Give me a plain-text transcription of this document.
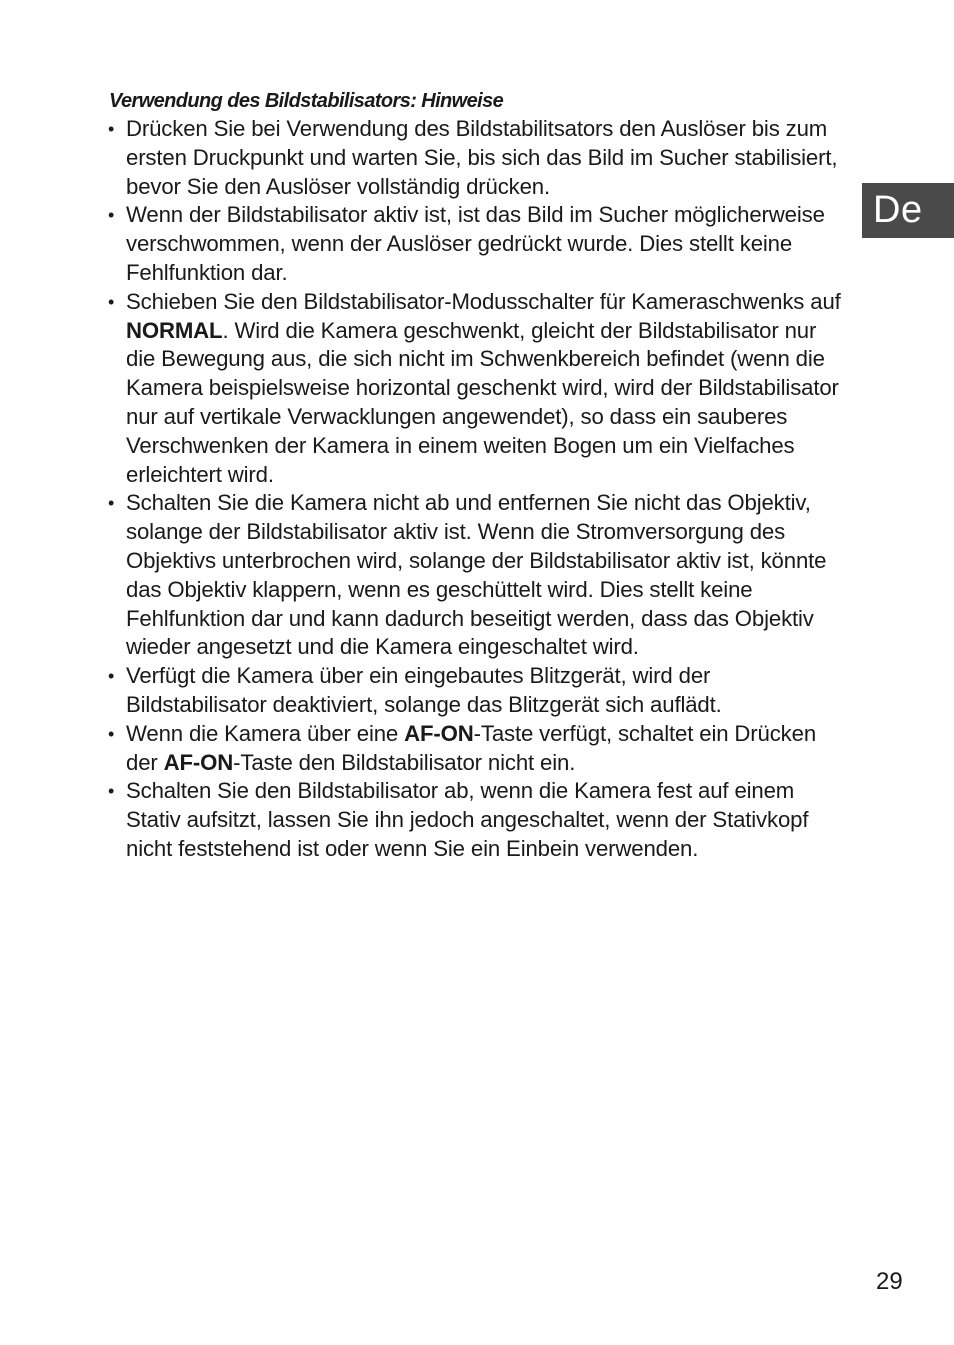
Verwendung des Bildstabilisators: Hinweise
• Drücken Sie bei Verwendung des Bildstabilitsators den Auslöser bis zum ersten Druckpunkt und warten Sie, bis sich das Bild im Sucher stabilisiert, bevor Sie den Auslöser vollständig drücken.
• Wenn der Bildstabilisator aktiv ist, ist das Bild im Sucher möglicherweise verschwommen, wenn der Auslöser gedrückt wurde. Dies stellt keine Fehlfunktion dar.
• Schieben Sie den Bildstabilisator-Modusschalter für Kameraschwenks auf NORMAL. Wird die Kamera geschwenkt, gleicht der Bildstabilisator nur die Bewegung aus, die sich nicht im Schwenkbereich befindet (wenn die Kamera beispielsweise horizontal geschenkt wird, wird der Bildstabilisator nur auf vertikale Verwacklungen angewendet), so dass ein sauberes Verschwenken der Kamera in einem weiten Bogen um ein Vielfaches erleichtert wird.
• Schalten Sie die Kamera nicht ab und entfernen Sie nicht das Objektiv, solange der Bildstabilisator aktiv ist. Wenn die Stromversorgung des Objektivs unterbrochen wird, solange der Bildstabilisator aktiv ist, könnte das Objektiv klappern, wenn es geschüttelt wird. Dies stellt keine Fehlfunktion dar und kann dadurch beseitigt werden, dass das Objektiv wieder angesetzt und die Kamera eingeschaltet wird.
• Verfügt die Kamera über ein eingebautes Blitzgerät, wird der Bildstabilisator deaktiviert, solange das Blitzgerät sich auflädt.
• Wenn die Kamera über eine AF-ON-Taste verfügt, schaltet ein Drücken der AF-ON-Taste den Bildstabilisator nicht ein.
• Schalten Sie den Bildstabilisator ab, wenn die Kamera fest auf einem Stativ aufsitzt, lassen Sie ihn jedoch angeschaltet, wenn der Stativkopf nicht feststehend ist oder wenn Sie ein Einbein verwenden.
De
29
